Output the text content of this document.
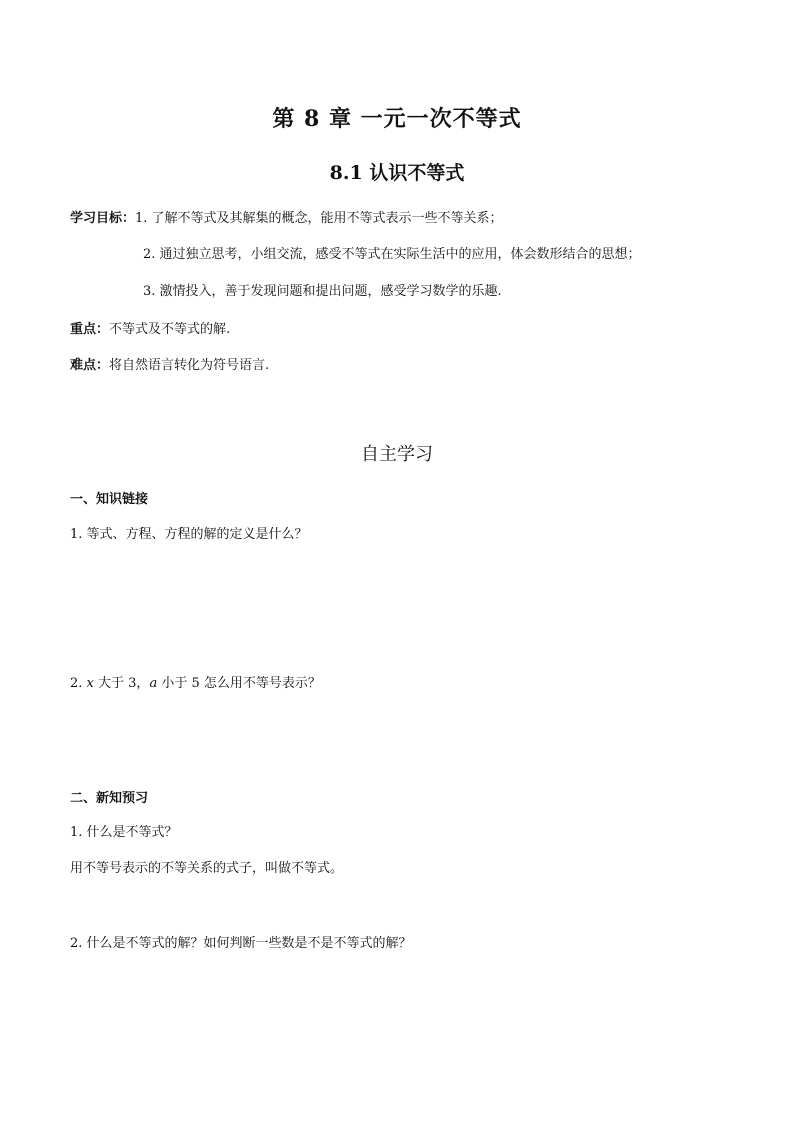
第 8 章 一元一次不等式
8.1 认识不等式
学习目标：1. 了解不等式及其解集的概念，能用不等式表示一些不等关系；
2. 通过独立思考，小组交流，感受不等式在实际生活中的应用，体会数形结合的思想；
3. 激情投入，善于发现问题和提出问题，感受学习数学的乐趣.
重点：不等式及不等式的解.
难点：将自然语言转化为符号语言.
自主学习
一、知识链接
1. 等式、方程、方程的解的定义是什么？
2. x 大于 3，a 小于 5 怎么用不等号表示？
二、新知预习
1. 什么是不等式？
用不等号表示的不等关系的式子，叫做不等式。
2. 什么是不等式的解？如何判断一些数是不是不等式的解？
